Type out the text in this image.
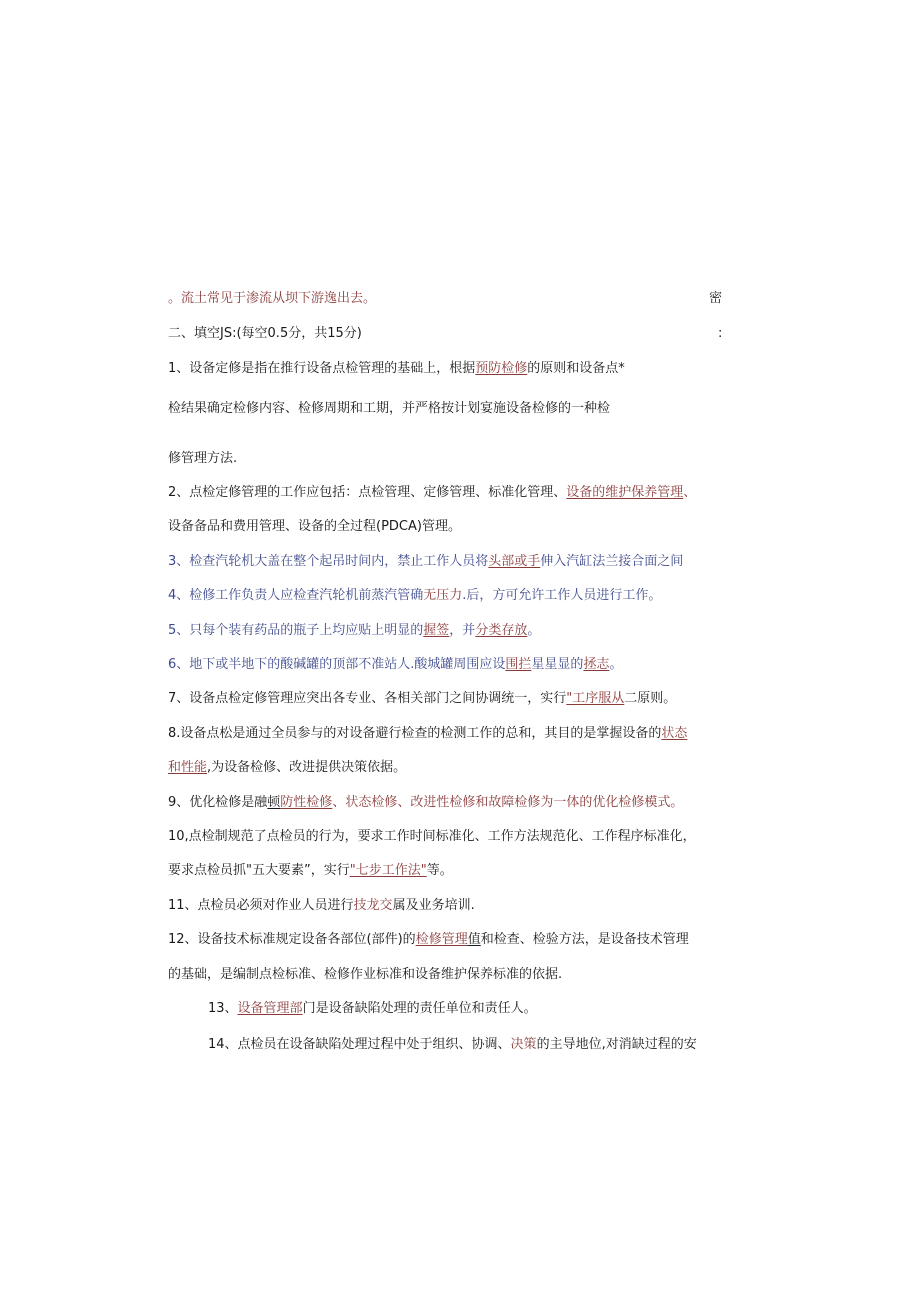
。流土常见于渗流从坝下游逸出去。	密
二、填空JS:(每空0.5分，共15分)	:
1、设备定修是指在推行设备点检管理的基础上，根据预防检修的原则和设备点*
检结果确定检修内容、检修周期和工期，并严格按计划宴施设备检修的一种检
修管理方法.
2、点检定修管理的工作应包括：点检管理、定修管理、标准化管理、设备的维护保养管理、
设备备品和费用管理、设备的全过程(PDCA)管理。
3、检查汽轮机大盖在整个起吊时间内，禁止工作人员将头部或手伸入汽缸法兰接合面之间
4、检修工作负责人应检查汽轮机前蒸汽管确无压力.后，方可允许工作人员进行工作。
5、只每个装有药品的瓶子上均应贴上明显的握签，并分类存放。
6、地下或半地下的酸碱罐的顶部不准站人.酸城罐周围应设围拦星星显的拯志。
7、设备点检定修管理应突出各专业、各相关部门之间协调统一，实行"工序服从二原则。
8.设备点松是通过全员参与的对设备避行检查的检测工作的总和，其目的是掌握设备的状态
和性能,为设备检修、改进提供决策依据。
9、优化检修是融顿防性检修、状态检修、改进性检修和故障检修为一体的优化检修模式。
10,点检制规范了点检员的行为，要求工作时间标准化、工作方法规范化、工作程序标准化，
要求点检员抓"五大要素”，实行"七步工作法"等。
11、点检员必须对作业人员进行技龙交属及业务培训.
12、设备技术标准规定设备各部位(部件)的检修管理值和检查、检验方法，是设备技术管理
的基础，是编制点检标准、检修作业标准和设备维护保养标准的依据.
13、设备管理部门是设备缺陷处理的责任单位和责任人。
14、点检员在设备缺陷处理过程中处于组织、协调、决策的主导地位,对消缺过程的安
